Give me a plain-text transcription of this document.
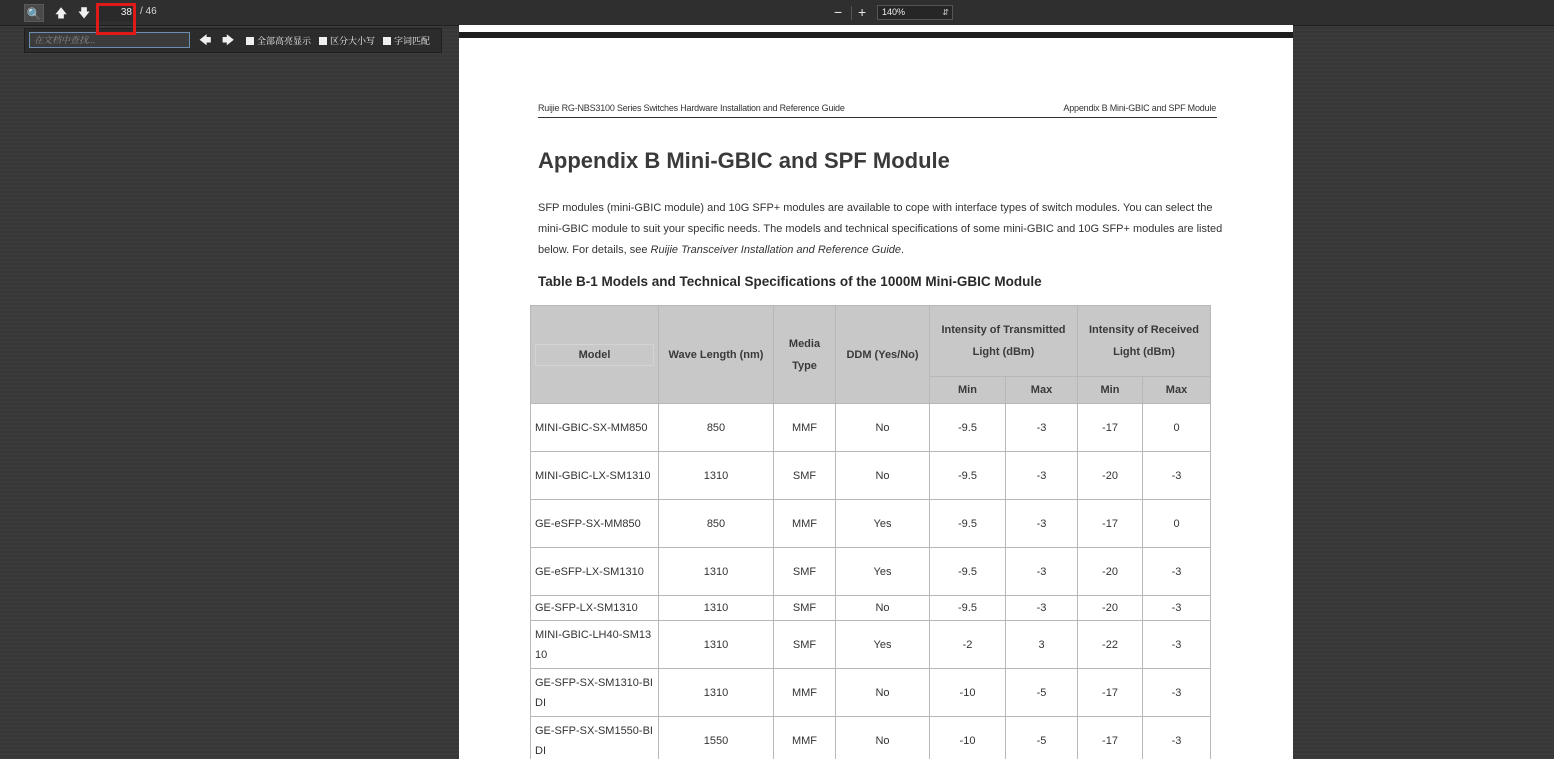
🔍	🡅 🡇	38 / 46	− +	140%	⇵
在文档中查找...	🡄 🡆	全部高亮显示	区分大小写	字词匹配
Ruijie RG-NBS3100 Series Switches Hardware Installation and Reference Guide	Appendix B Mini-GBIC and SPF Module
Appendix B Mini-GBIC and SPF Module
SFP modules (mini-GBIC module) and 10G SFP+ modules are available to cope with interface types of switch modules. You can select the mini-GBIC module to suit your specific needs. The models and technical specifications of some mini-GBIC and 10G SFP+ modules are listed below. For details, see Ruijie Transceiver Installation and Reference Guide.
Table B-1 Models and Technical Specifications of the 1000M Mini-GBIC Module
Model	Wave Length (nm)	Media Type	DDM (Yes/No)	Intensity of Transmitted Light (dBm)		Intensity of Received Light (dBm)	
				Min	Max	Min	Max
MINI-GBIC-SX-MM850	850	MMF	No	-9.5	-3	-17	0
MINI-GBIC-LX-SM1310	1310	SMF	No	-9.5	-3	-20	-3
GE-eSFP-SX-MM850	850	MMF	Yes	-9.5	-3	-17	0
GE-eSFP-LX-SM1310	1310	SMF	Yes	-9.5	-3	-20	-3
GE-SFP-LX-SM1310	1310	SMF	No	-9.5	-3	-20	-3
MINI-GBIC-LH40-SM1310	1310	SMF	Yes	-2	3	-22	-3
GE-SFP-SX-SM1310-BIDI	1310	MMF	No	-10	-5	-17	-3
GE-SFP-SX-SM1550-BIDI	1550	MMF	No	-10	-5	-17	-3
